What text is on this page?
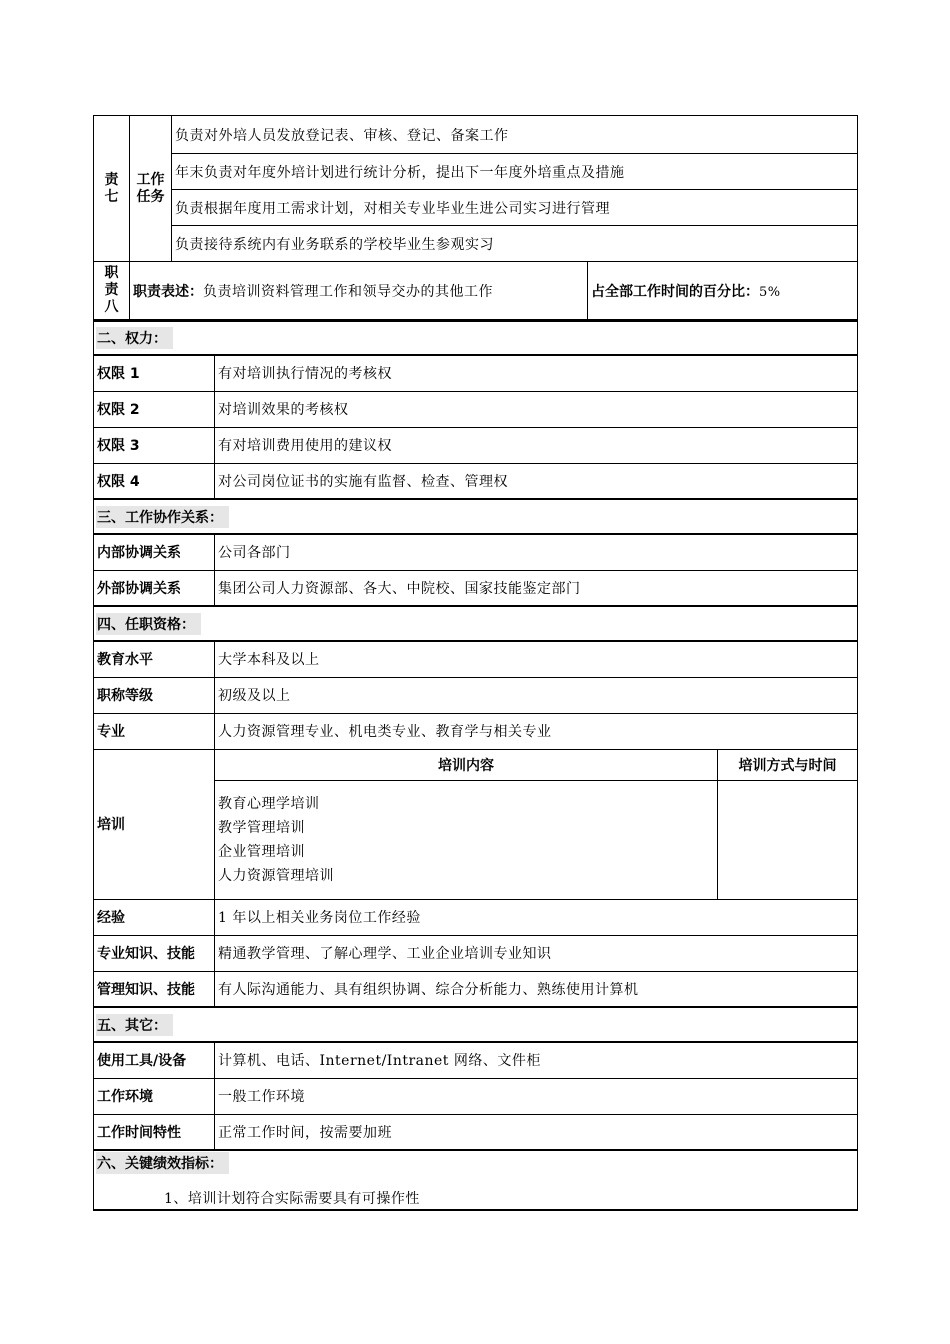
责七	工作任务	负责对外培人员发放登记表、审核、登记、备案工作	
		年末负责对年度外培计划进行统计分析，提出下一年度外培重点及措施	
		负责根据年度用工需求计划，对相关专业毕业生进公司实习进行管理	
		负责接待系统内有业务联系的学校毕业生参观实习	
职责八	职责表述：负责培训资料管理工作和领导交办的其他工作		占全部工作时间的百分比：5%
二、权力：		
权限 1	有对培训执行情况的考核权	
权限 2	对培训效果的考核权	
权限 3	有对培训费用使用的建议权	
权限 4	对公司岗位证书的实施有监督、检查、管理权	
三、工作协作关系：		
内部协调关系	公司各部门	
外部协调关系	集团公司人力资源部、各大、中院校、国家技能鉴定部门	
四、任职资格：		
教育水平	大学本科及以上	
职称等级	初级及以上	
专业	人力资源管理专业、机电类专业、教育学与相关专业	
培训	培训内容	培训方式与时间

	教育心理学培训
教学管理培训
企业管理培训
人力资源管理培训	

经验	1 年以上相关业务岗位工作经验	
专业知识、技能	精通教学管理、了解心理学、工业企业培训专业知识	
管理知识、技能	有人际沟通能力、具有组织协调、综合分析能力、熟练使用计算机	
五、其它：		
使用工具/设备	计算机、电话、Internet/Intranet 网络、文件柜	
工作环境	一般工作环境	
工作时间特性	正常工作时间，按需要加班	
六、关键绩效指标：		
1、培训计划符合实际需要具有可操作性		
